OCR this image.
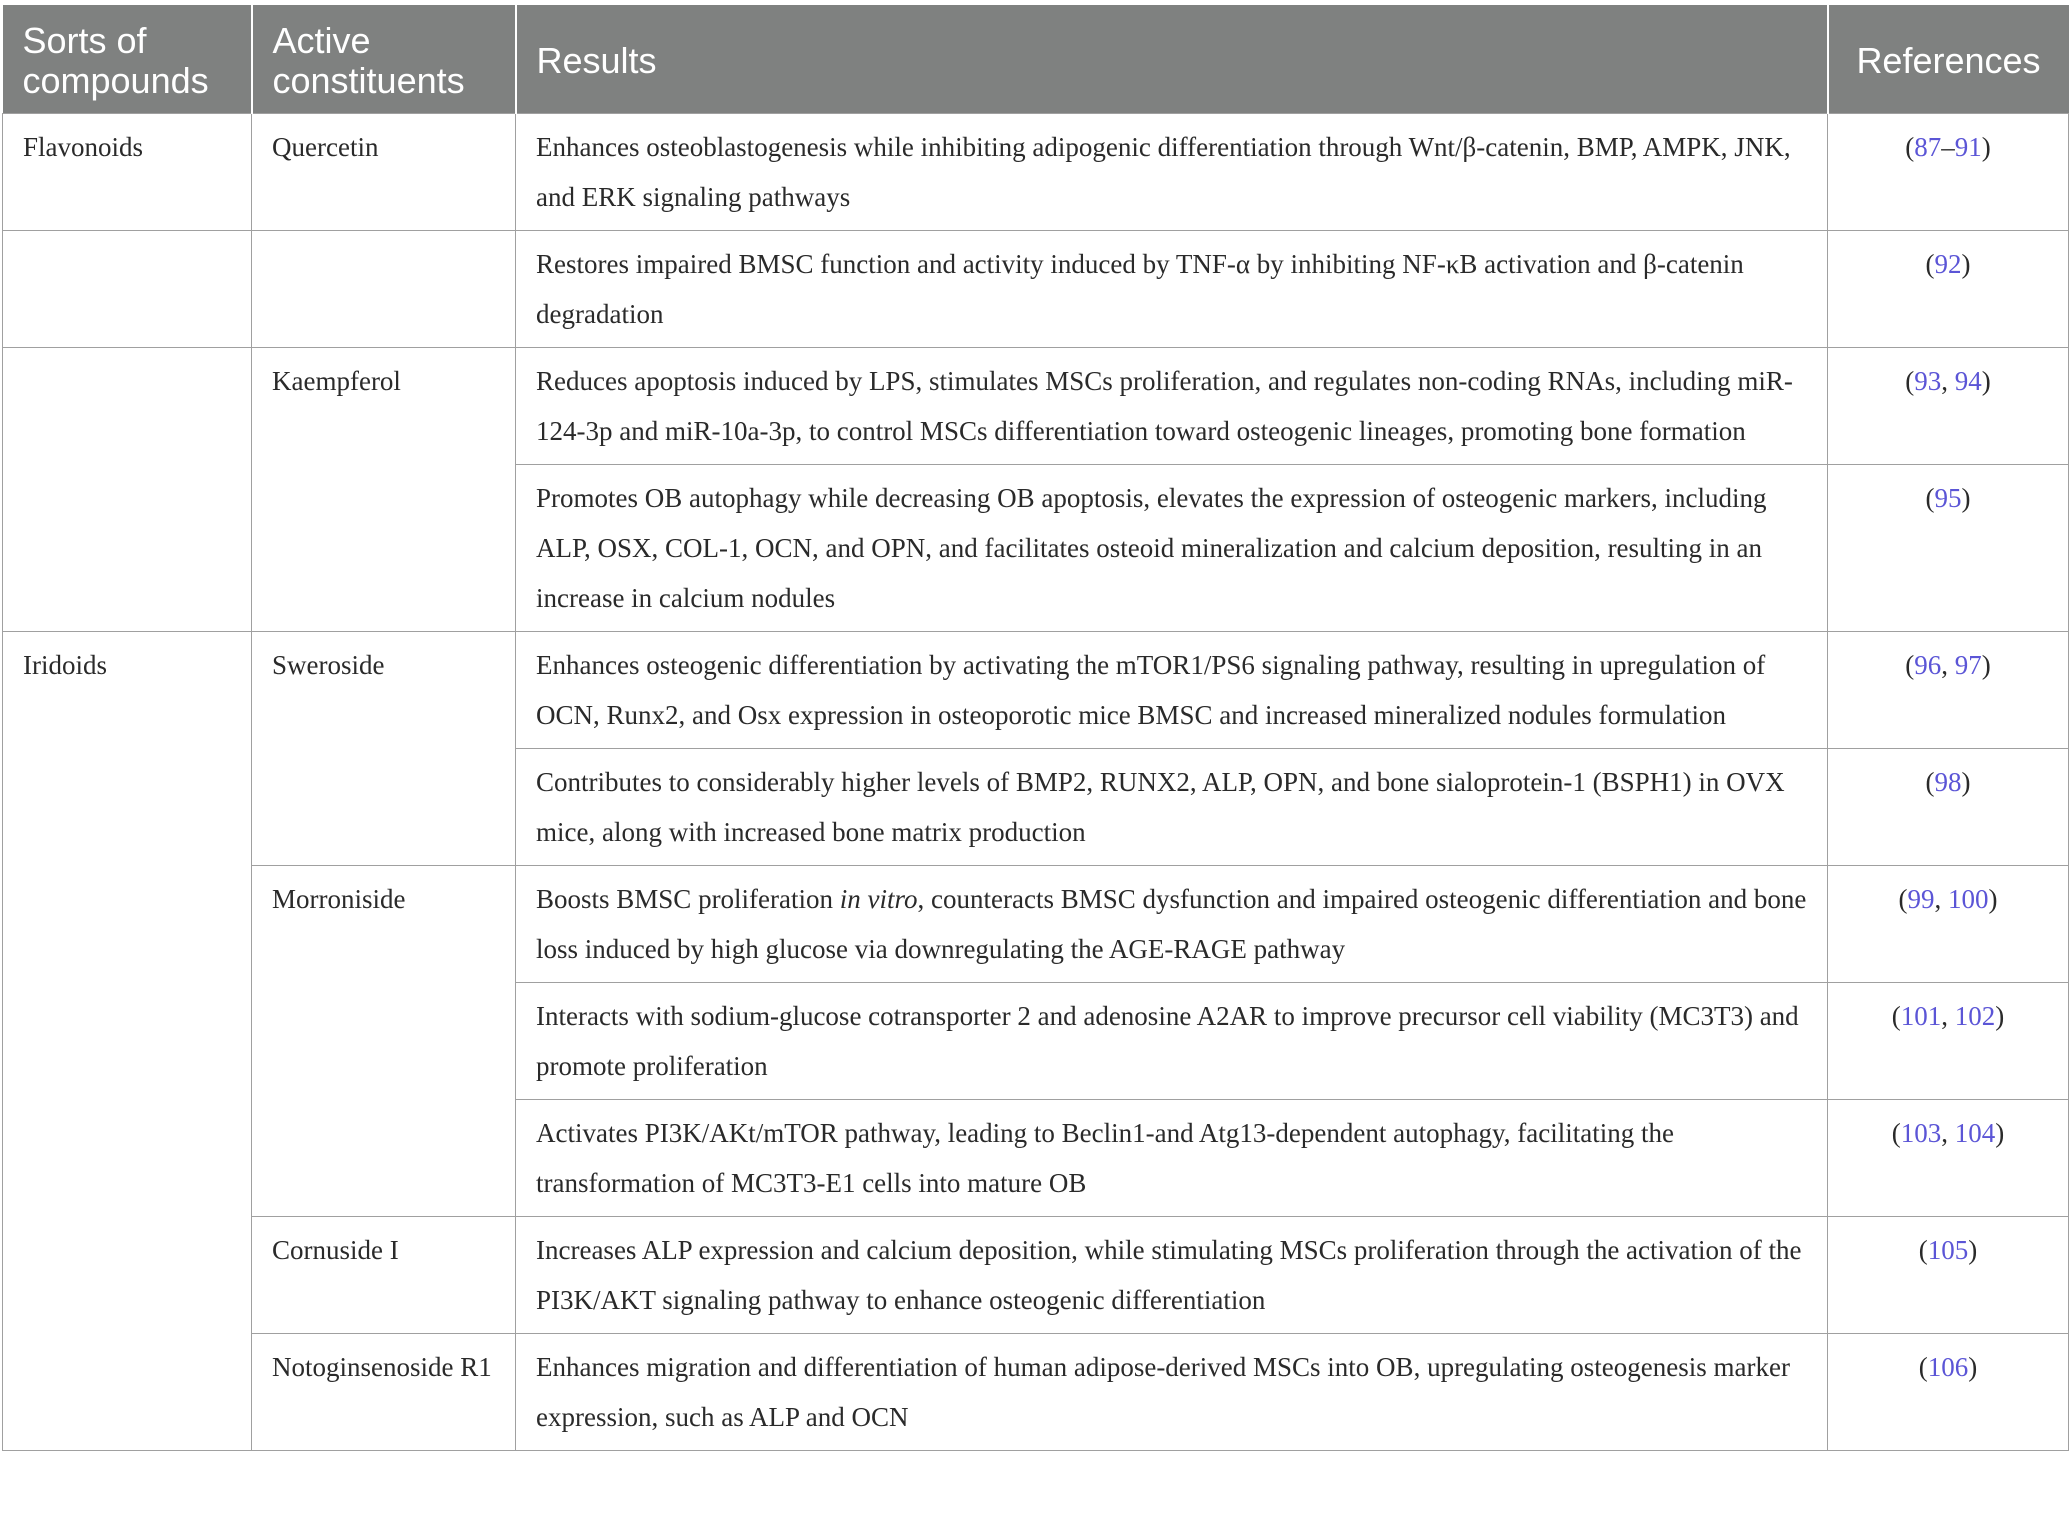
Sorts of compounds	Active constituents	Results	References
Flavonoids	Quercetin	Enhances osteoblastogenesis while inhibiting adipogenic differentiation through Wnt/β-catenin, BMP, AMPK, JNK, and ERK signaling pathways	(87–91)
		Restores impaired BMSC function and activity induced by TNF-α by inhibiting NF-κB activation and β-catenin degradation	(92)
	Kaempferol	Reduces apoptosis induced by LPS, stimulates MSCs proliferation, and regulates non-coding RNAs, including miR-124-3p and miR-10a-3p, to control MSCs differentiation toward osteogenic lineages, promoting bone formation	(93, 94)
		Promotes OB autophagy while decreasing OB apoptosis, elevates the expression of osteogenic markers, including ALP, OSX, COL-1, OCN, and OPN, and facilitates osteoid mineralization and calcium deposition, resulting in an increase in calcium nodules	(95)
Iridoids	Sweroside	Enhances osteogenic differentiation by activating the mTOR1/PS6 signaling pathway, resulting in upregulation of OCN, Runx2, and Osx expression in osteoporotic mice BMSC and increased mineralized nodules formulation	(96, 97)
		Contributes to considerably higher levels of BMP2, RUNX2, ALP, OPN, and bone sialoprotein-1 (BSPH1) in OVX mice, along with increased bone matrix production	(98)
	Morroniside	Boosts BMSC proliferation in vitro, counteracts BMSC dysfunction and impaired osteogenic differentiation and bone loss induced by high glucose via downregulating the AGE-RAGE pathway	(99, 100)
		Interacts with sodium-glucose cotransporter 2 and adenosine A2AR to improve precursor cell viability (MC3T3) and promote proliferation	(101, 102)
		Activates PI3K/AKt/mTOR pathway, leading to Beclin1-and Atg13-dependent autophagy, facilitating the transformation of MC3T3-E1 cells into mature OB	(103, 104)
	Cornuside I	Increases ALP expression and calcium deposition, while stimulating MSCs proliferation through the activation of the PI3K/AKT signaling pathway to enhance osteogenic differentiation	(105)
	Notoginsenoside R1	Enhances migration and differentiation of human adipose-derived MSCs into OB, upregulating osteogenesis marker expression, such as ALP and OCN	(106)
